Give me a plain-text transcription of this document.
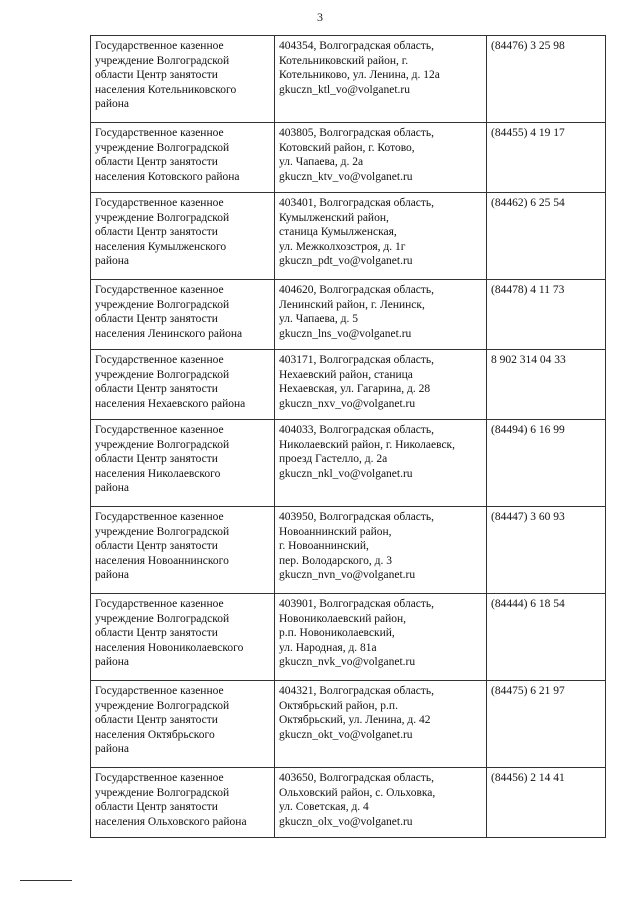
3
Государственное казенное
учреждение Волгоградской
области Центр занятости
населения Котельниковского
района	404354, Волгоградская область,
Котельниковский район, г.
Котельниково, ул. Ленина, д. 12а
gkuczn_ktl_vo@volganet.ru	(84476) 3 25 98
Государственное казенное
учреждение Волгоградской
области Центр занятости
населения Котовского района	403805, Волгоградская область,
Котовский район, г. Котово,
ул. Чапаева, д. 2а
gkuczn_ktv_vo@volganet.ru	(84455) 4 19 17
Государственное казенное
учреждение Волгоградской
области Центр занятости
населения Кумылженского
района	403401, Волгоградская область,
Кумылженский район,
станица Кумылженская,
ул. Межколхозстроя, д. 1г
gkuczn_pdt_vo@volganet.ru	(84462) 6 25 54
Государственное казенное
учреждение Волгоградской
области Центр занятости
населения Ленинского района	404620, Волгоградская область,
Ленинский район, г. Ленинск,
ул. Чапаева, д. 5
gkuczn_lns_vo@volganet.ru	(84478) 4 11 73
Государственное казенное
учреждение Волгоградской
области Центр занятости
населения Нехаевского района	403171, Волгоградская область,
Нехаевский район, станица
Нехаевская, ул. Гагарина, д. 28
gkuczn_nxv_vo@volganet.ru	8 902 314 04 33
Государственное казенное
учреждение Волгоградской
области Центр занятости
населения Николаевского
района	404033, Волгоградская область,
Николаевский район, г. Николаевск,
проезд Гастелло, д. 2а
gkuczn_nkl_vo@volganet.ru	(84494) 6 16 99
Государственное казенное
учреждение Волгоградской
области Центр занятости
населения Новоаннинского
района	403950, Волгоградская область,
Новоаннинский район,
г. Новоаннинский,
пер. Володарского, д. 3
gkuczn_nvn_vo@volganet.ru	(84447) 3 60 93
Государственное казенное
учреждение Волгоградской
области Центр занятости
населения Новониколаевского
района	403901, Волгоградская область,
Новониколаевский район,
р.п. Новониколаевский,
ул. Народная, д. 81а
gkuczn_nvk_vo@volganet.ru	(84444) 6 18 54
Государственное казенное
учреждение Волгоградской
области Центр занятости
населения Октябрьского
района	404321, Волгоградская область,
Октябрьский район, р.п.
Октябрьский, ул. Ленина, д. 42
gkuczn_okt_vo@volganet.ru	(84475) 6 21 97
Государственное казенное
учреждение Волгоградской
области Центр занятости
населения Ольховского района	403650, Волгоградская область,
Ольховский район, с. Ольховка,
ул. Советская, д. 4
gkuczn_olx_vo@volganet.ru	(84456) 2 14 41
